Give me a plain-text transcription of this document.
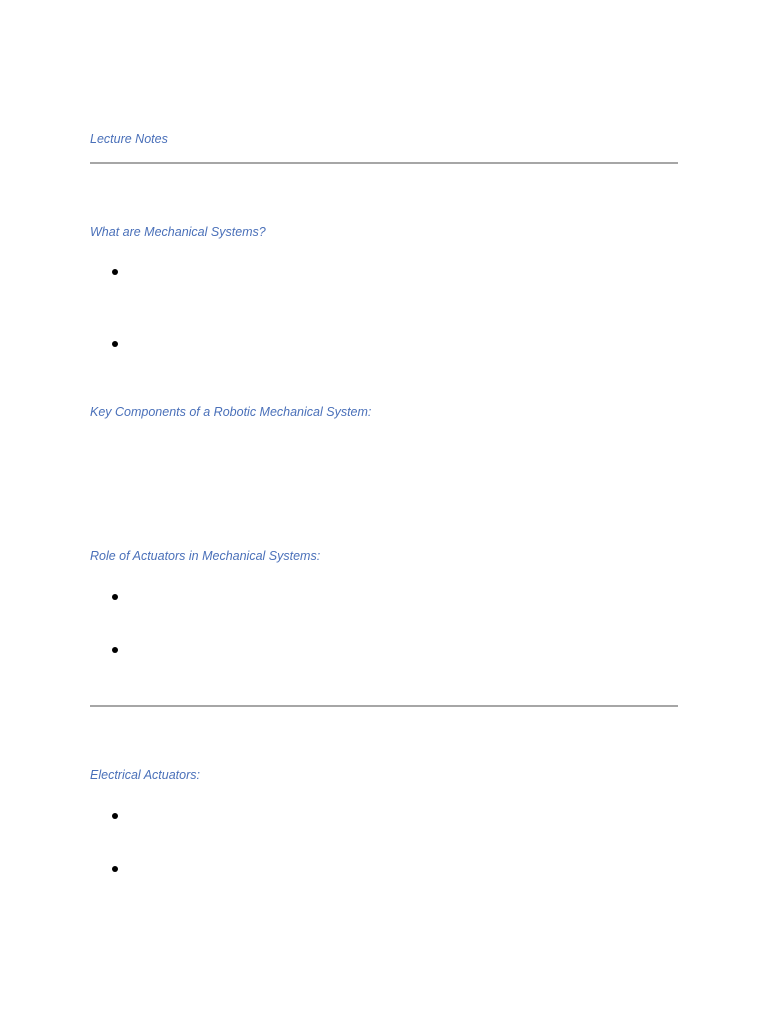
Lecture Notes
What are Mechanical Systems?
Key Components of a Robotic Mechanical System:
Role of Actuators in Mechanical Systems:
Electrical Actuators:
